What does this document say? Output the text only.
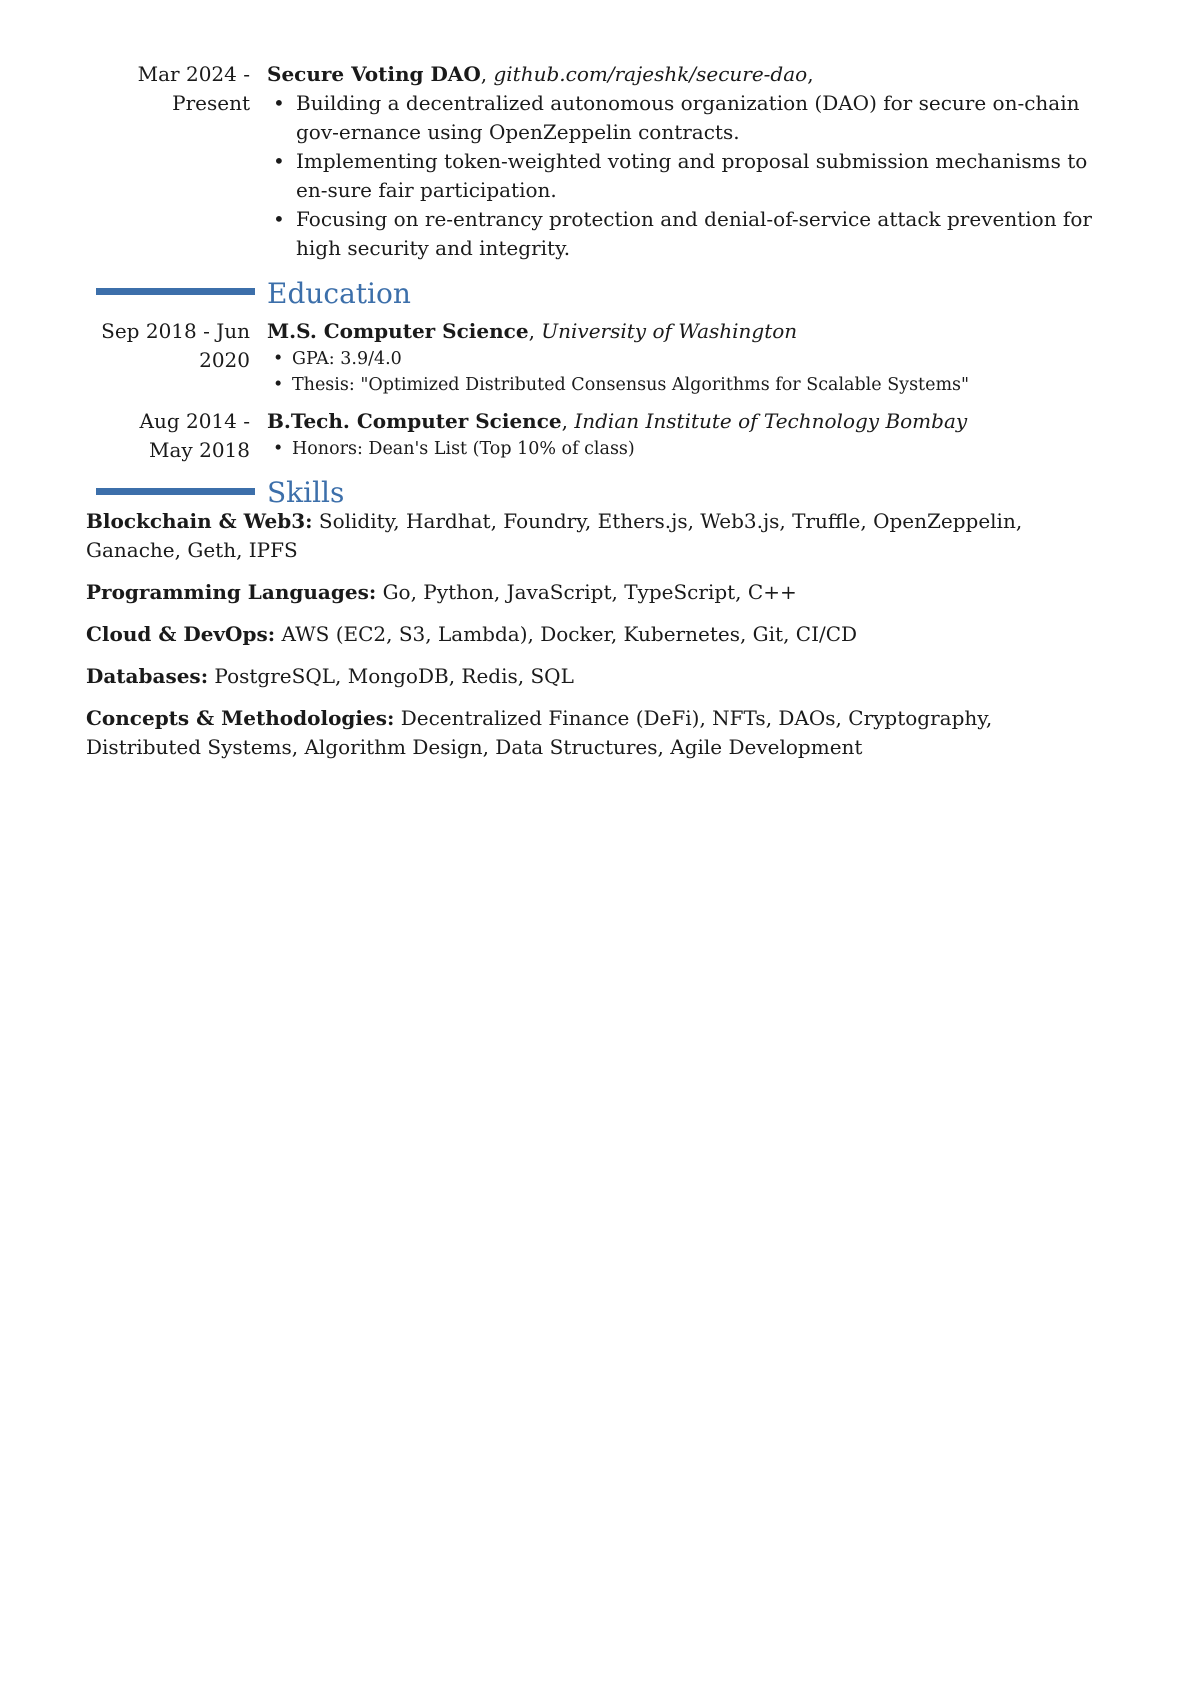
Mar 2024 -
Present
Secure Voting DAO, github.com/rajeshk/secure-dao,
• Building a decentralized autonomous organization (DAO) for secure on-chain gov-ernance using OpenZeppelin contracts.
• Implementing token-weighted voting and proposal submission mechanisms to en-sure fair participation.
• Focusing on re-entrancy protection and denial-of-service attack prevention for high security and integrity.
Education
Sep 2018 - Jun
2020
M.S. Computer Science, University of Washington
• GPA: 3.9/4.0
• Thesis: "Optimized Distributed Consensus Algorithms for Scalable Systems"
Aug 2014 -
May 2018
B.Tech. Computer Science, Indian Institute of Technology Bombay
• Honors: Dean's List (Top 10% of class)
Skills
Blockchain & Web3: Solidity, Hardhat, Foundry, Ethers.js, Web3.js, Truffle, OpenZeppelin, Ganache, Geth, IPFS
Programming Languages: Go, Python, JavaScript, TypeScript, C++
Cloud & DevOps: AWS (EC2, S3, Lambda), Docker, Kubernetes, Git, CI/CD
Databases: PostgreSQL, MongoDB, Redis, SQL
Concepts & Methodologies: Decentralized Finance (DeFi), NFTs, DAOs, Cryptography, Distributed Systems, Algorithm Design, Data Structures, Agile Development
